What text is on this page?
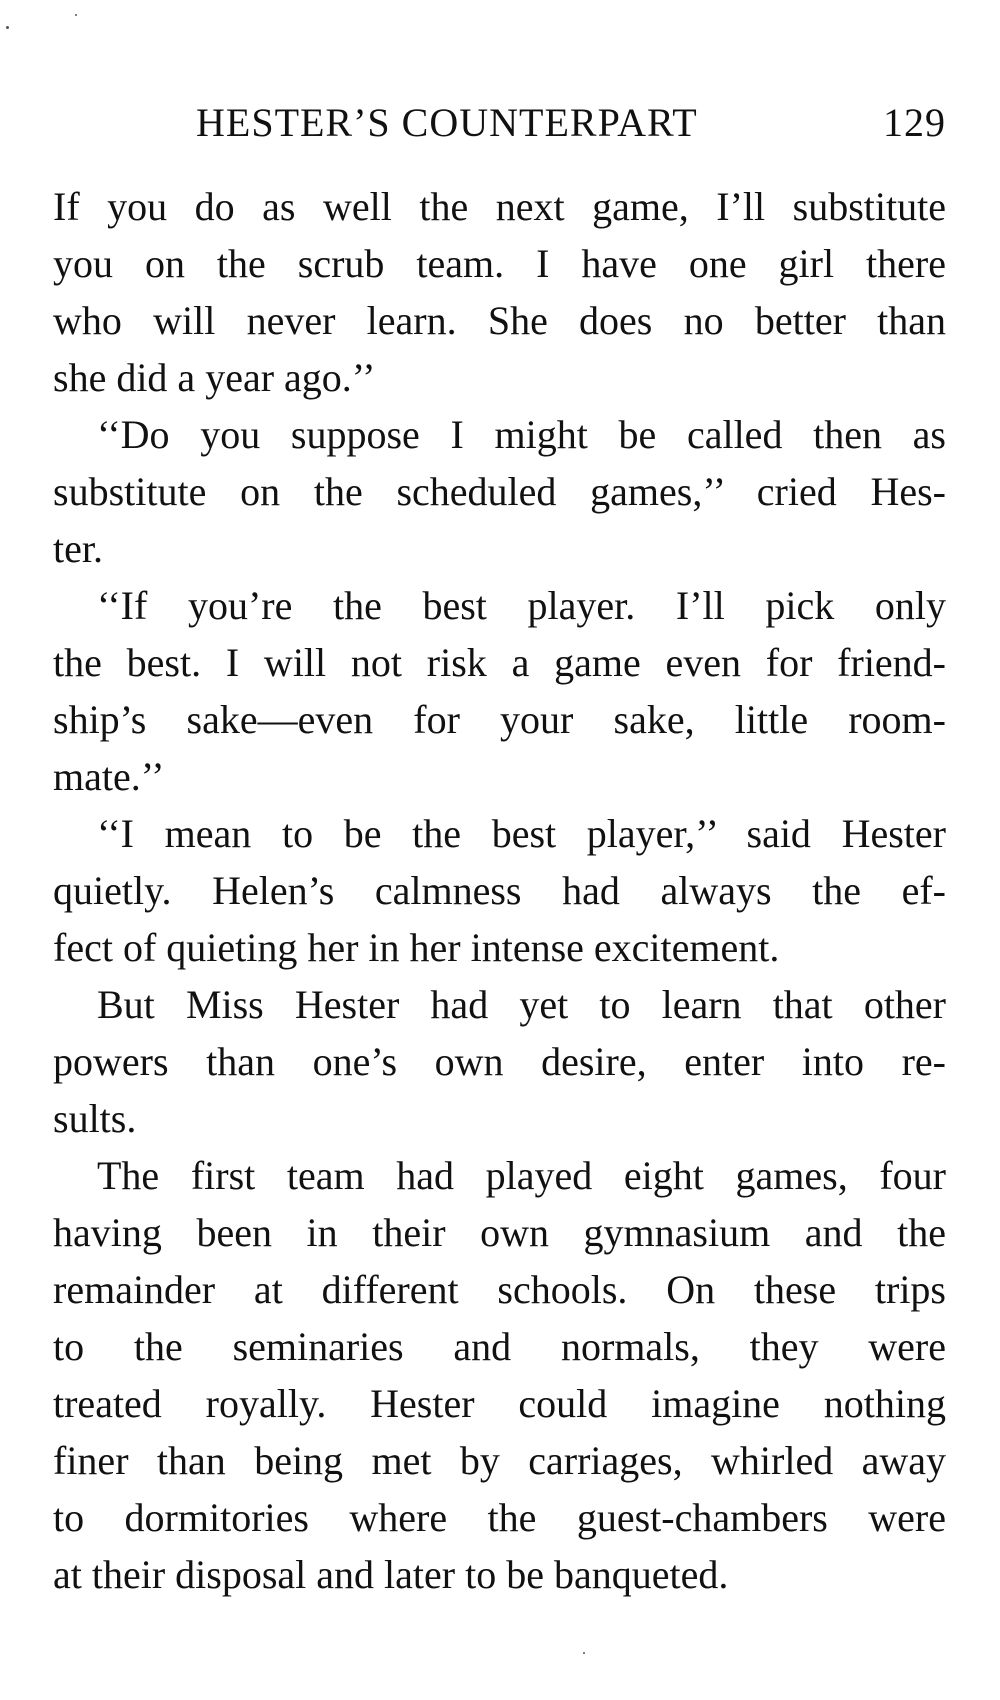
HESTER’S COUNTERPART	129
If you do as well the next game, I’ll substitute
you on the scrub team. I have one girl there
who will never learn. She does no better than
she did a year ago.’’
‘‘Do you suppose I might be called then as
substitute on the scheduled games,’’ cried Hes-
ter.
‘‘If you’re the best player. I’ll pick only
the best. I will not risk a game even for friend-
ship’s sake—even for your sake, little room-
mate.’’
‘‘I mean to be the best player,’’ said Hester
quietly. Helen’s calmness had always the ef-
fect of quieting her in her intense excitement.
But Miss Hester had yet to learn that other
powers than one’s own desire, enter into re-
sults.
The first team had played eight games, four
having been in their own gymnasium and the
remainder at different schools. On these trips
to the seminaries and normals, they were
treated royally. Hester could imagine nothing
finer than being met by carriages, whirled away
to dormitories where the guest-chambers were
at their disposal and later to be banqueted.
